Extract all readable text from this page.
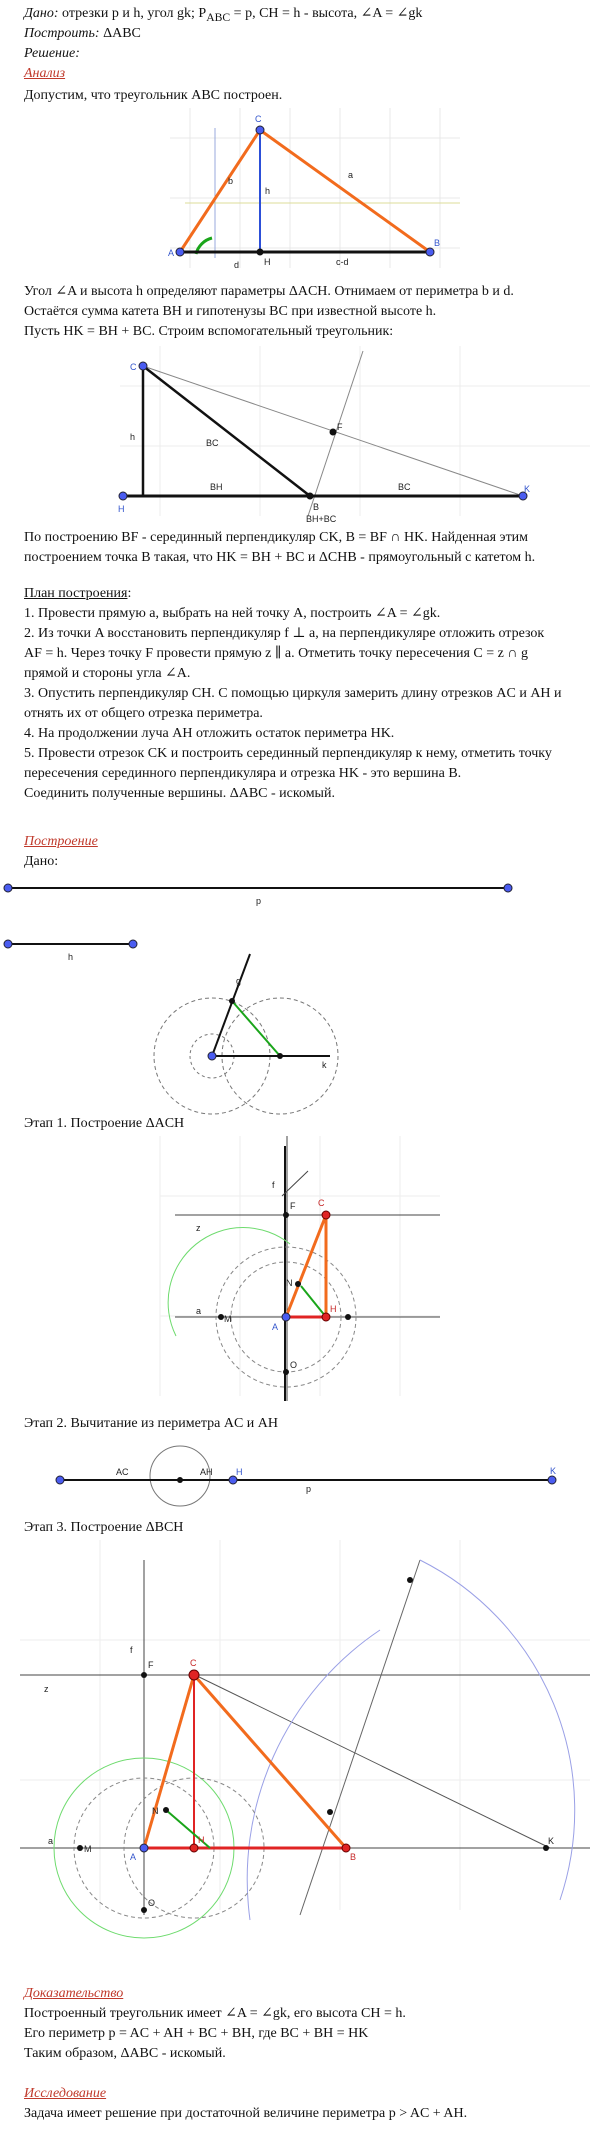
Дано: отрезки p и h, угол gk; $P_{ABC} = p$, CH = h - высота, ∠A = ∠gk
Построить: ΔABC
Решение:
Анализ
Допустим, что треугольник ABC построен.
A
C
B
H
a
b
h
d	c-d
Угол ∠A и высота h определяют параметры ΔACH. Отнимаем от периметра b и d.
Остаётся сумма катета BH и гипотенузы BC при известной высоте h.
Пусть HK = BH + BC. Строим вспомогательный треугольник:
C
H
K
B
F
h
BC
BH	BC
BH+BC
По построению BF - серединный перпендикуляр CK, B = BF ∩ HK. Найденная этим
построением точка B такая, что HK = BH + BC и ΔCHB - прямоугольный с катетом h.
План построения:
1. Провести прямую a, выбрать на ней точку A, построить ∠A = ∠gk.
2. Из точки A восстановить перпендикуляр f ⊥ a, на перпендикуляре отложить отрезок
AF = h. Через точку F провести прямую z ∥ a. Отметить точку пересечения C = z ∩ g
прямой и стороны угла ∠A.
3. Опустить перпендикуляр CH. С помощью циркуля замерить длину отрезков AC и AH и
отнять их от общего отрезка периметра.
4. На продолжении луча AH отложить остаток периметра HK.
5. Провести отрезок CK и построить серединный перпендикуляр к нему, отметить точку
пересечения серединного перпендикуляра и отрезка HK - это вершина B.
Соединить полученные вершины. ΔABC - искомый.
Построение
Дано:
p
h
g
k
Этап 1. Построение ΔACH
f
F	C
z
N
a
M
A
H
O
Этап 2. Вычитание из периметра AC и AH
AC	AH	H	K
p
Этап 3. Построение ΔBCH
f
F	C
z
N
a
M
A
H
B
K
O
Доказательство
Построенный треугольник имеет ∠A = ∠gk, его высота CH = h.
Его периметр p = AC + AH + BC + BH, где BC + BH = HK
Таким образом, ΔABC - искомый.
Исследование
Задача имеет решение при достаточной величине периметра p > AC + AH.
